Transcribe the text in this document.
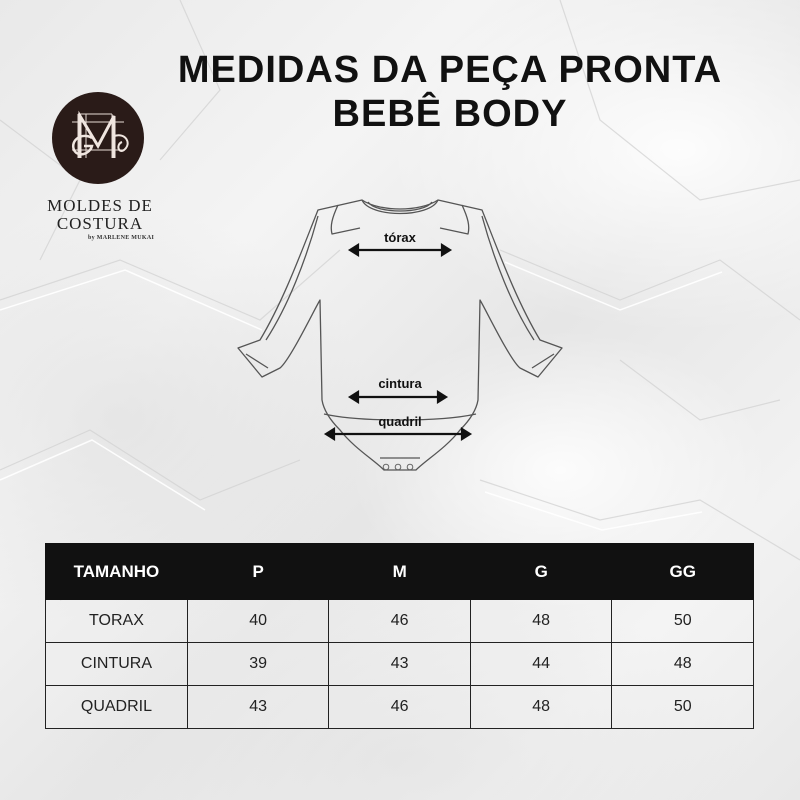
MEDIDAS DA PEÇA PRONTA
BEBÊ BODY
MOLDES DE
COSTURA
by MARLENE MUKAI	tórax
cintura
quadril
TAMANHO	P	M	G	GG
TORAX	40	46	48	50
CINTURA	39	43	44	48
QUADRIL	43	46	48	50
